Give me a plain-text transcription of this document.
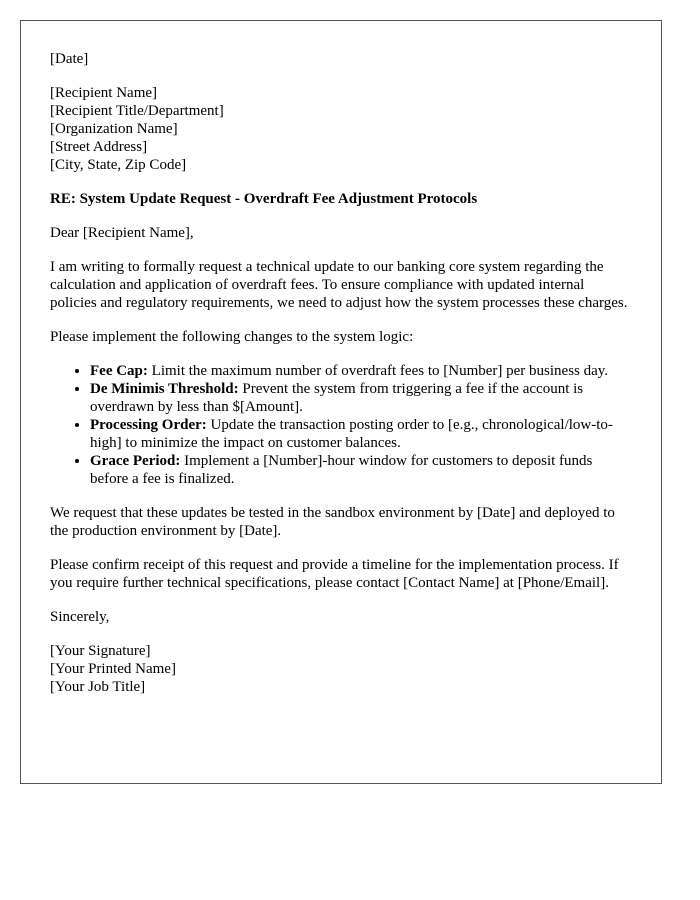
[Date]

[Recipient Name]
[Recipient Title/Department]
[Organization Name]
[Street Address]
[City, State, Zip Code]

RE: System Update Request - Overdraft Fee Adjustment Protocols

Dear [Recipient Name],

I am writing to formally request a technical update to our banking core system regarding the calculation and application of overdraft fees. To ensure compliance with updated internal policies and regulatory requirements, we need to adjust how the system processes these charges.

Please implement the following changes to the system logic:

• Fee Cap: Limit the maximum number of overdraft fees to [Number] per business day.
• De Minimis Threshold: Prevent the system from triggering a fee if the account is overdrawn by less than $[Amount].
• Processing Order: Update the transaction posting order to [e.g., chronological/low-to-high] to minimize the impact on customer balances.
• Grace Period: Implement a [Number]-hour window for customers to deposit funds before a fee is finalized.

We request that these updates be tested in the sandbox environment by [Date] and deployed to the production environment by [Date].

Please confirm receipt of this request and provide a timeline for the implementation process. If you require further technical specifications, please contact [Contact Name] at [Phone/Email].

Sincerely,

[Your Signature]
[Your Printed Name]
[Your Job Title]
